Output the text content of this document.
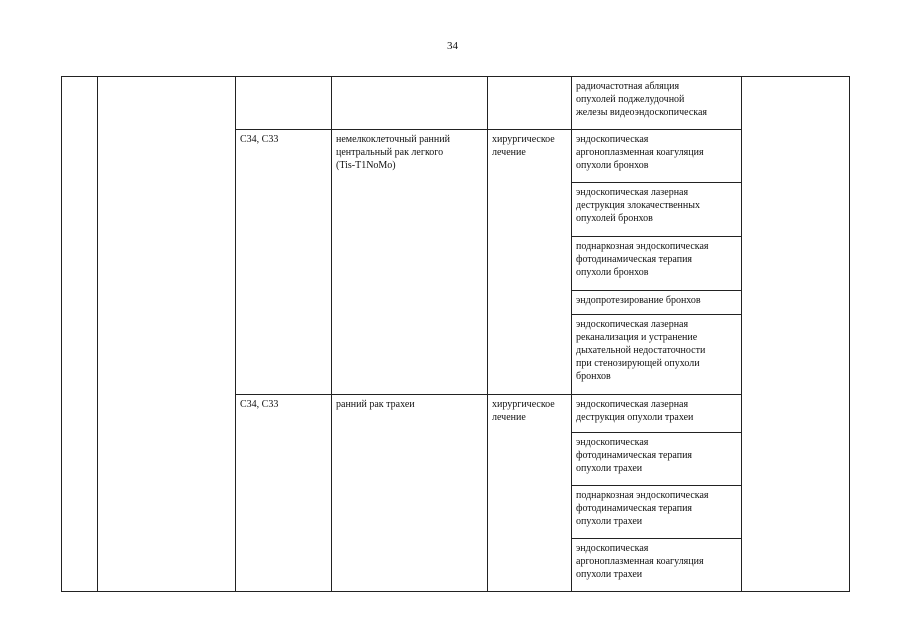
34

					радиочастотная абляция
опухолей поджелудочной
железы видеоэндоскопическая	

		C34, C33	немелкоклеточный ранний
центральный рак легкого
(Tis-T1NoMo)	хирургическое
лечение	эндоскопическая
аргоноплазменная коагуляция
опухоли бронхов	

					эндоскопическая лазерная
деструкция злокачественных
опухолей бронхов	

					поднаркозная эндоскопическая
фотодинамическая терапия
опухоли бронхов	

					эндопротезирование бронхов	

					эндоскопическая лазерная
реканализация и устранение
дыхательной недостаточности
при стенозирующей опухоли
бронхов	

		C34, C33	ранний рак трахеи	хирургическое
лечение	эндоскопическая лазерная
деструкция опухоли трахеи	

					эндоскопическая
фотодинамическая терапия
опухоли трахеи	

					поднаркозная эндоскопическая
фотодинамическая терапия
опухоли трахеи	

					эндоскопическая
аргоноплазменная коагуляция
опухоли трахеи	
